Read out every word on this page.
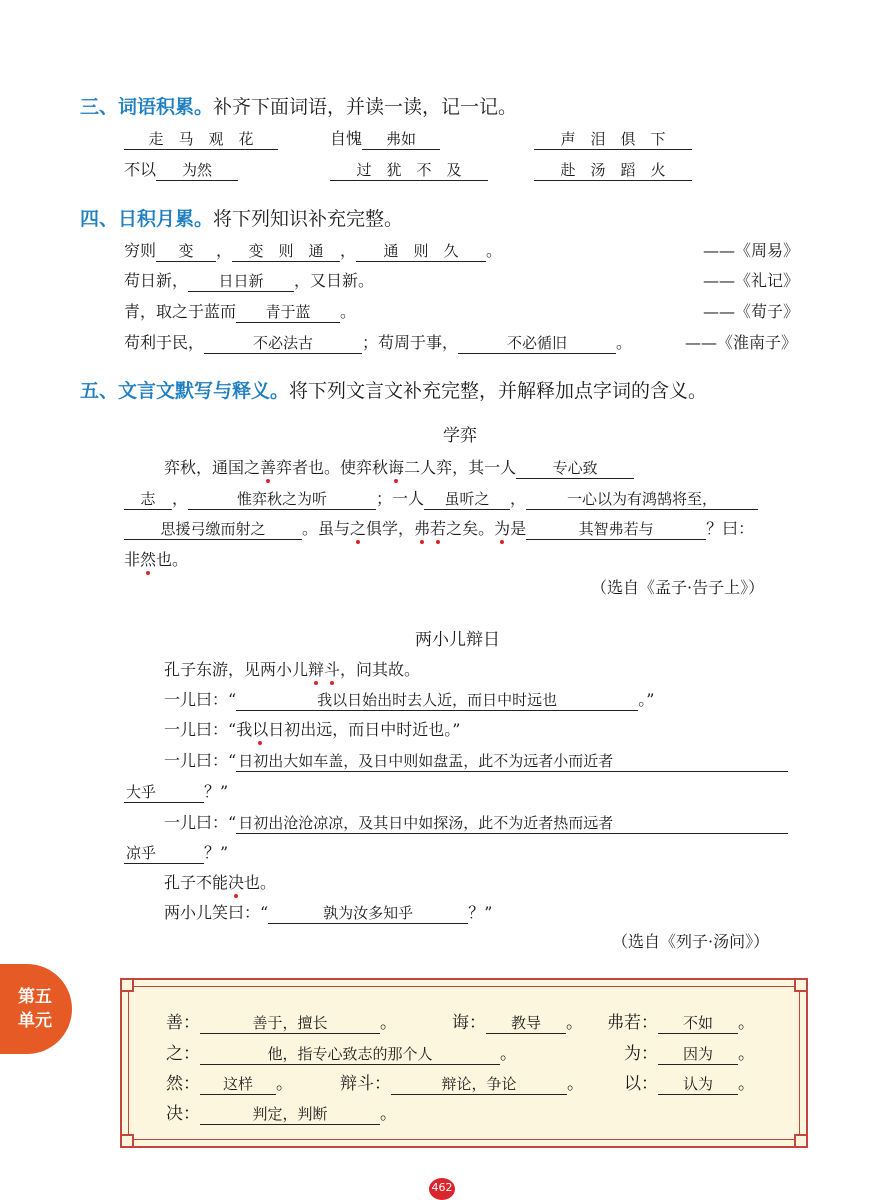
三、词语积累。补齐下面词语，并读一读，记一记。
走　马　观　花	自愧 弗如	声　泪　俱　下
不以 为然	过　犹　不　及	赴　汤　蹈　火
四、日积月累。将下列知识补充完整。
穷则 变 ， 变　则　通 ， 通　则　久 。	——《周易》
苟日新， 日日新 ，又日新。	——《礼记》
青，取之于蓝而 青于蓝 。	——《荀子》
苟利于民，	不必法古	；苟周于事，	不必循旧	。	——《淮南子》
五、文言文默写与释义。将下列文言文补充完整，并解释加点字词的含义。
学弈
弈秋，通国之善弈者也。使弈秋诲二人弈，其一人 专心致
志 ，	惟弈秋之为听	；一人 虽听之 ，	一心以为有鸿鹄将至，
思援弓缴而射之 。虽与之俱学，弗若之矣。为是	其智弗若与	？曰：
非然也。
（选自《孟子·告子上》）
两小儿辩日
孔子东游，见两小儿辩斗，问其故。
一儿曰：“	我以日始出时去人近，而日中时远也	。”
一儿曰：“我以日初出远，而日中时近也。”
一儿曰：“ 日初出大如车盖，及日中则如盘盂，此不为远者小而近者
大乎	？”
一儿曰：“ 日初出沧沧凉凉，及其日中如探汤，此不为近者热而远者
凉乎	？”
孔子不能决也。
两小儿笑曰：“	孰为汝多知乎	？”
（选自《列子·汤问》）
第五
单元	善：	善于，擅长	。	诲： 教导 。 弗若： 不如 。
之：	他，指专心致志的那个人	。	为： 因为 。
然： 这样 。	辩斗：	辩论，争论	。 以： 认为 。
决：	判定，判断	。
462
